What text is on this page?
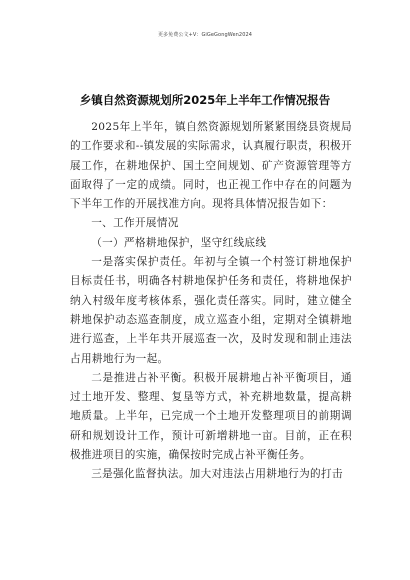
更多免费公文+V：GiGeGongWen2024
乡镇自然资源规划所2025年上半年工作情况报告

2025年上半年，镇自然资源规划所紧紧围绕县资规局的工作要求和--镇发展的实际需求，认真履行职责，积极开展工作，在耕地保护、国土空间规划、矿产资源管理等方面取得了一定的成绩。同时，也正视工作中存在的问题为下半年工作的开展找准方向。现将具体情况报告如下：

一、工作开展情况

（一）严格耕地保护，坚守红线底线

一是落实保护责任。年初与全镇一个村签订耕地保护目标责任书，明确各村耕地保护任务和责任，将耕地保护纳入村级年度考核体系，强化责任落实。同时，建立健全耕地保护动态巡查制度，成立巡查小组，定期对全镇耕地进行巡查，上半年共开展巡查一次，及时发现和制止违法占用耕地行为一起。

二是推进占补平衡。积极开展耕地占补平衡项目，通过土地开发、整理、复垦等方式，补充耕地数量，提高耕地质量。上半年，已完成一个土地开发整理项目的前期调研和规划设计工作，预计可新增耕地一亩。目前，正在积极推进项目的实施，确保按时完成占补平衡任务。

三是强化监督执法。加大对违法占用耕地行为的打击
